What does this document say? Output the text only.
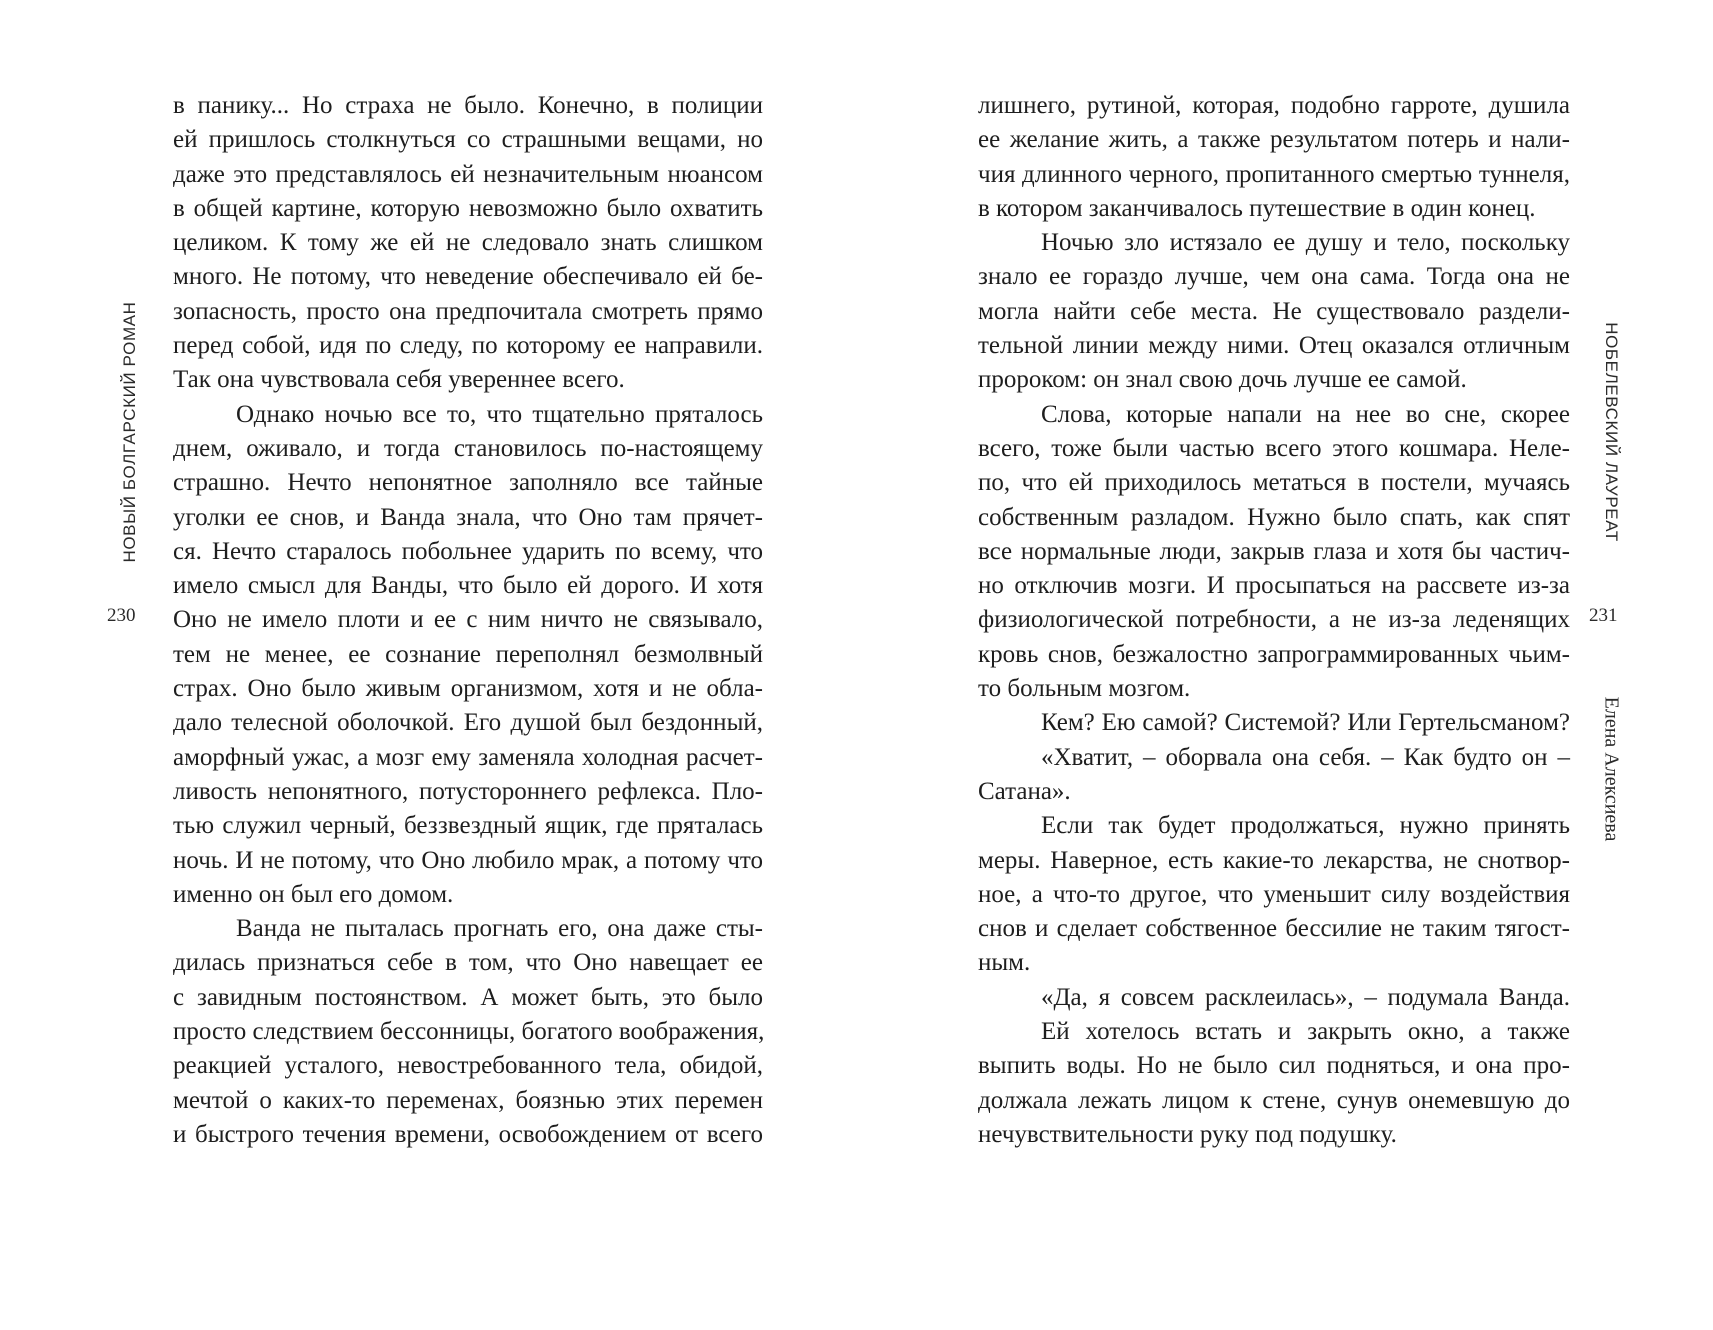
НОВЫЙ БОЛГАРСКИЙ РОМАН
230
в панику... Но страха не было. Конечно, в полиции
ей пришлось столкнуться со страшными вещами, но
даже это представлялось ей незначительным нюансом
в общей картине, которую невозможно было охватить
целиком. К тому же ей не следовало знать слишком
много. Не потому, что неведение обеспечивало ей бе-
зопасность, просто она предпочитала смотреть прямо
перед собой, идя по следу, по которому ее направили.
Так она чувствовала себя увереннее всего.
Однако ночью все то, что тщательно пряталось
днем, оживало, и тогда становилось по-настоящему
страшно. Нечто непонятное заполняло все тайные
уголки ее снов, и Ванда знала, что Оно там прячет-
ся. Нечто старалось побольнее ударить по всему, что
имело смысл для Ванды, что было ей дорого. И хотя
Оно не имело плоти и ее с ним ничто не связывало,
тем не менее, ее сознание переполнял безмолвный
страх. Оно было живым организмом, хотя и не обла-
дало телесной оболочкой. Его душой был бездонный,
аморфный ужас, а мозг ему заменяла холодная расчет-
ливость непонятного, потустороннего рефлекса. Пло-
тью служил черный, беззвездный ящик, где пряталась
ночь. И не потому, что Оно любило мрак, а потому что
именно он был его домом.
Ванда не пыталась прогнать его, она даже сты-
дилась признаться себе в том, что Оно навещает ее
с завидным постоянством. А может быть, это было
просто следствием бессонницы, богатого воображения,
реакцией усталого, невостребованного тела, обидой,
мечтой о каких-то переменах, боязнью этих перемен
и быстрого течения времени, освобождением от всего
лишнего, рутиной, которая, подобно гарроте, душила
ее желание жить, а также результатом потерь и нали-
чия длинного черного, пропитанного смертью туннеля,
в котором заканчивалось путешествие в один конец.
Ночью зло истязало ее душу и тело, поскольку
знало ее гораздо лучше, чем она сама. Тогда она не
могла найти себе места. Не существовало раздели-
тельной линии между ними. Отец оказался отличным
пророком: он знал свою дочь лучше ее самой.
Слова, которые напали на нее во сне, скорее
всего, тоже были частью всего этого кошмара. Неле-
по, что ей приходилось метаться в постели, мучаясь
собственным разладом. Нужно было спать, как спят
все нормальные люди, закрыв глаза и хотя бы частич-
но отключив мозги. И просыпаться на рассвете из-за
физиологической потребности, а не из-за леденящих
кровь снов, безжалостно запрограммированных чьим-
то больным мозгом.
Кем? Ею самой? Системой? Или Гертельсманом?
«Хватит, – оборвала она себя. – Как будто он –
Сатана».
Если так будет продолжаться, нужно принять
меры. Наверное, есть какие-то лекарства, не снотвор-
ное, а что-то другое, что уменьшит силу воздействия
снов и сделает собственное бессилие не таким тягост-
ным.
«Да, я совсем расклеилась», – подумала Ванда.
Ей хотелось встать и закрыть окно, а также
выпить воды. Но не было сил подняться, и она про-
должала лежать лицом к стене, сунув онемевшую до
нечувствительности руку под подушку.
НОБЕЛЕВСКИЙ ЛАУРЕАТ
231
Елена Алексиева
